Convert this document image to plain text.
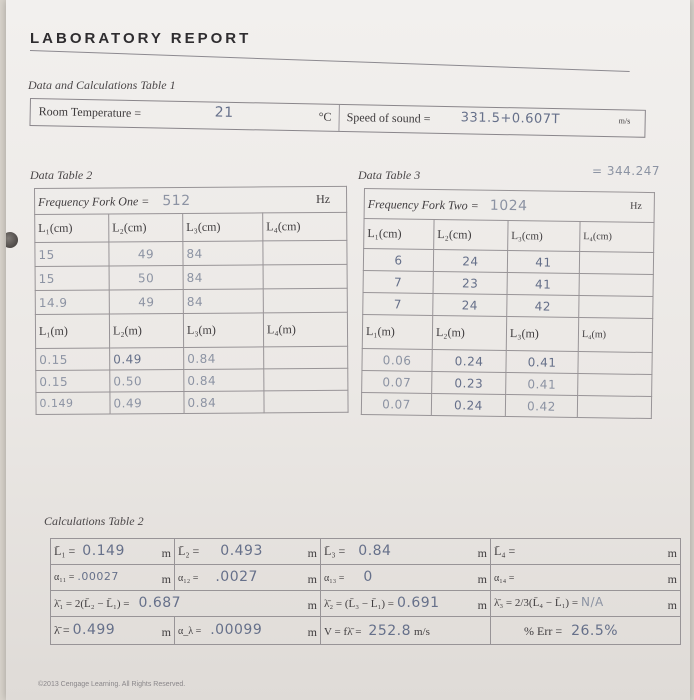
LABORATORY REPORT
Data and Calculations Table 1
Room Temperature =	21	°C Speed of sound = 331.5+0.607T	m/s
= 344.247
Data Table 2
Frequency Fork One = 512 Hz			

L₁(cm)	L₂(cm)	L₃(cm)	L₄(cm)
15	49	84	
15	50	84	
14.9	49	84	
L₁(m)	L₂(m)	L₃(m)	L₄(m)
0.15	0.49	0.84	
0.15	0.50	0.84	
0.149	0.49	0.84	
Data Table 3
Frequency Fork Two = 1024 Hz			

L₁(cm)	L₂(cm)	L₃(cm)	L₄(cm)
6	24	41	
7	23	41	
7	24	42	
L₁(m)	L₂(m)	L₃(m)	L₄(m)
0.06	0.24	0.41	
0.07	0.23	0.41	
0.07	0.24	0.42	
Calculations Table 2
L̄₁ = 0.149 m	L̄₂ = 0.493 m	L̄₃ = 0.84 m	L̄₄ = m

α₁₁ = .00027 m	α₁₂ = .0027 m	α₁₃ = 0 m	α₁₄ = m

λ̄₁ = 2(L̄₂ − L̄₁) = 0.687 m		λ̄₂ = (L̄₃ − L̄₁) = 0.691 m	λ̄₃ = 2/3(L̄₄ − L̄₁) = N/A m

λ̄ = 0.499 m	α_λ = .00099 m	V = fλ̄ = 252.8 m/s	% Err = 26.5%
©2013 Cengage Learning. All Rights Reserved.
